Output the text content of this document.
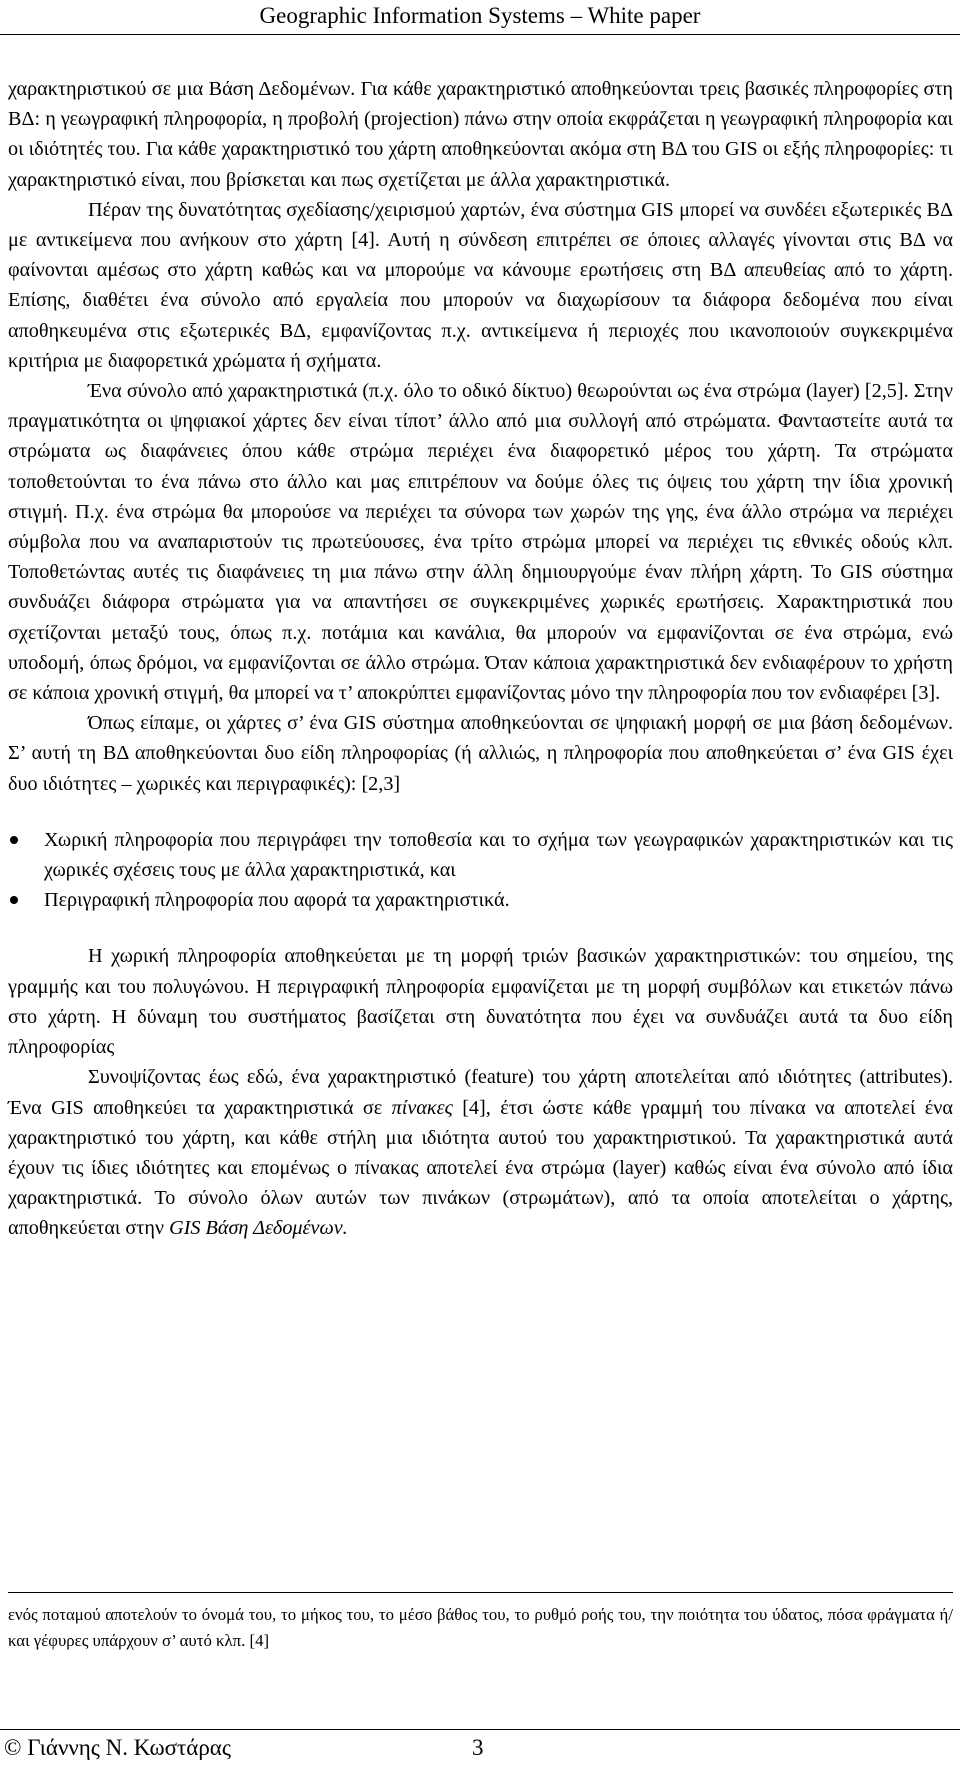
Geographic Information Systems – White paper

χαρακτηριστικού σε μια Βάση Δεδομένων. Για κάθε χαρακτηριστικό αποθηκεύονται τρεις βασικές πληροφορίες στη ΒΔ: η γεωγραφική πληροφορία, η προβολή (projection) πάνω στην οποία εκφράζεται η γεωγραφική πληροφορία και οι ιδιότητές του. Για κάθε χαρακτηριστικό του χάρτη αποθηκεύονται ακόμα στη ΒΔ του GIS οι εξής πληροφορίες: τι χαρακτηριστικό είναι, που βρίσκεται και πως σχετίζεται με άλλα χαρακτηριστικά.

Πέραν της δυνατότητας σχεδίασης/χειρισμού χαρτών, ένα σύστημα GIS μπορεί να συνδέει εξωτερικές ΒΔ με αντικείμενα που ανήκουν στο χάρτη [4]. Αυτή η σύνδεση επιτρέπει σε όποιες αλλαγές γίνονται στις ΒΔ να φαίνονται αμέσως στο χάρτη καθώς και να μπορούμε να κάνουμε ερωτήσεις στη ΒΔ απευθείας από το χάρτη. Επίσης, διαθέτει ένα σύνολο από εργαλεία που μπορούν να διαχωρίσουν τα διάφορα δεδομένα που είναι αποθηκευμένα στις εξωτερικές ΒΔ, εμφανίζοντας π.χ. αντικείμενα ή περιοχές που ικανοποιούν συγκεκριμένα κριτήρια με διαφορετικά χρώματα ή σχήματα.

Ένα σύνολο από χαρακτηριστικά (π.χ. όλο το οδικό δίκτυο) θεωρούνται ως ένα στρώμα (layer) [2,5]. Στην πραγματικότητα οι ψηφιακοί χάρτες δεν είναι τίποτ’ άλλο από μια συλλογή από στρώματα. Φανταστείτε αυτά τα στρώματα ως διαφάνειες όπου κάθε στρώμα περιέχει ένα διαφορετικό μέρος του χάρτη. Τα στρώματα τοποθετούνται το ένα πάνω στο άλλο και μας επιτρέπουν να δούμε όλες τις όψεις του χάρτη την ίδια χρονική στιγμή. Π.χ. ένα στρώμα θα μπορούσε να περιέχει τα σύνορα των χωρών της γης, ένα άλλο στρώμα να περιέχει σύμβολα που να αναπαριστούν τις πρωτεύουσες, ένα τρίτο στρώμα μπορεί να περιέχει τις εθνικές οδούς κλπ. Τοποθετώντας αυτές τις διαφάνειες τη μια πάνω στην άλλη δημιουργούμε έναν πλήρη χάρτη. Το GIS σύστημα συνδυάζει διάφορα στρώματα για να απαντήσει σε συγκεκριμένες χωρικές ερωτήσεις. Χαρακτηριστικά που σχετίζονται μεταξύ τους, όπως π.χ. ποτάμια και κανάλια, θα μπορούν να εμφανίζονται σε ένα στρώμα, ενώ υποδομή, όπως δρόμοι, να εμφανίζονται σε άλλο στρώμα. Όταν κάποια χαρακτηριστικά δεν ενδιαφέρουν το χρήστη σε κάποια χρονική στιγμή, θα μπορεί να τ’ αποκρύπτει εμφανίζοντας μόνο την πληροφορία που τον ενδιαφέρει [3].

Όπως είπαμε, οι χάρτες σ’ ένα GIS σύστημα αποθηκεύονται σε ψηφιακή μορφή σε μια βάση δεδομένων. Σ’ αυτή τη ΒΔ αποθηκεύονται δυο είδη πληροφορίας (ή αλλιώς, η πληροφορία που αποθηκεύεται σ’ ένα GIS έχει δυο ιδιότητες – χωρικές και περιγραφικές): [2,3]

Χωρική πληροφορία που περιγράφει την τοποθεσία και το σχήμα των γεωγραφικών χαρακτηριστικών και τις χωρικές σχέσεις τους με άλλα χαρακτηριστικά, και
Περιγραφική πληροφορία που αφορά τα χαρακτηριστικά.

Η χωρική πληροφορία αποθηκεύεται με τη μορφή τριών βασικών χαρακτηριστικών: του σημείου, της γραμμής και του πολυγώνου. Η περιγραφική πληροφορία εμφανίζεται με τη μορφή συμβόλων και ετικετών πάνω στο χάρτη. Η δύναμη του συστήματος βασίζεται στη δυνατότητα που έχει να συνδυάζει αυτά τα δυο είδη πληροφορίας

Συνοψίζοντας έως εδώ, ένα χαρακτηριστικό (feature) του χάρτη αποτελείται από ιδιότητες (attributes). Ένα GIS αποθηκεύει τα χαρακτηριστικά σε πίνακες [4], έτσι ώστε κάθε γραμμή του πίνακα να αποτελεί ένα χαρακτηριστικό του χάρτη, και κάθε στήλη μια ιδιότητα αυτού του χαρακτηριστικού. Τα χαρακτηριστικά αυτά έχουν τις ίδιες ιδιότητες και επομένως ο πίνακας αποτελεί ένα στρώμα (layer) καθώς είναι ένα σύνολο από ίδια χαρακτηριστικά. Το σύνολο όλων αυτών των πινάκων (στρωμάτων), από τα οποία αποτελείται ο χάρτης, αποθηκεύεται στην GIS Βάση Δεδομένων.

ενός ποταμού αποτελούν το όνομά του, το μήκος του, το μέσο βάθος του, το ρυθμό ροής του, την ποιότητα του ύδατος, πόσα φράγματα ή/και γέφυρες υπάρχουν σ’ αυτό κλπ. [4]
© Γιάννης Ν. Κωστάρας	3
